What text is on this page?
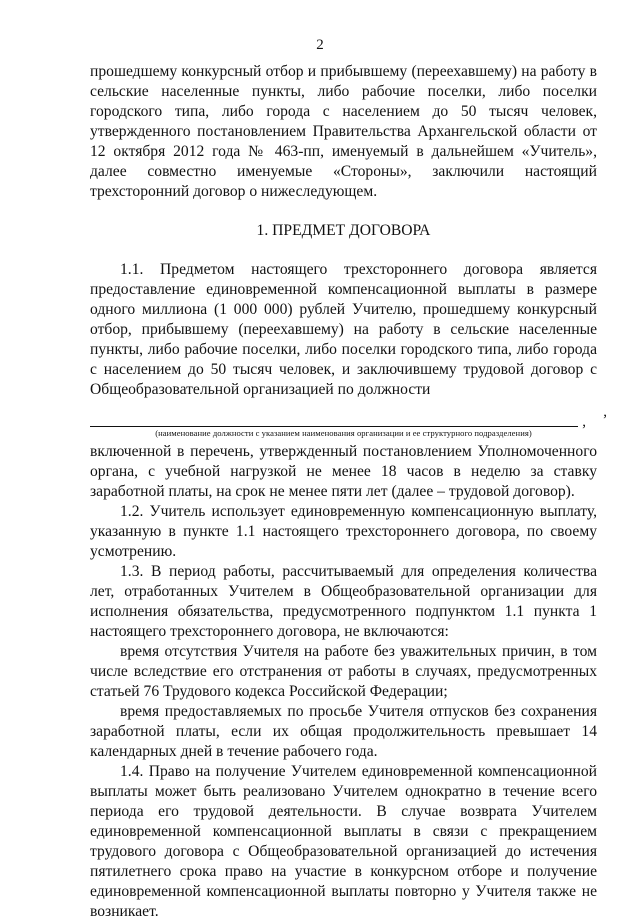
2

прошедшему конкурсный отбор и прибывшему (переехавшему) на работу в сельские населенные пункты, либо рабочие поселки, либо поселки городского типа, либо города с населением до 50 тысяч человек, утвержденного постановлением Правительства Архангельской области от 12 октября 2012 года № 463-пп, именуемый в дальнейшем «Учитель», далее совместно именуемые «Стороны», заключили настоящий трехсторонний договор о нижеследующем.

1. ПРЕДМЕТ ДОГОВОРА

1.1. Предметом настоящего трехстороннего договора является предоставление единовременной компенсационной выплаты в размере одного миллиона (1 000 000) рублей Учителю, прошедшему конкурсный отбор, прибывшему (переехавшему) на работу в сельские населенные пункты, либо рабочие поселки, либо поселки городского типа, либо города с населением до 50 тысяч человек, и заключившему трудовой договор с Общеобразовательной организацией по должности

,

(наименование должности с указанием наименования организации и ее структурного подразделения)

,

включенной в перечень, утвержденный постановлением Уполномоченного органа, с учебной нагрузкой не менее 18 часов в неделю за ставку заработной платы, на срок не менее пяти лет (далее – трудовой договор).

1.2. Учитель использует единовременную компенсационную выплату, указанную в пункте 1.1 настоящего трехстороннего договора, по своему усмотрению.

1.3. В период работы, рассчитываемый для определения количества лет, отработанных Учителем в Общеобразовательной организации для исполнения обязательства, предусмотренного подпунктом 1.1 пункта 1 настоящего трехстороннего договора, не включаются:

время отсутствия Учителя на работе без уважительных причин, в том числе вследствие его отстранения от работы в случаях, предусмотренных статьей 76 Трудового кодекса Российской Федерации;

время предоставляемых по просьбе Учителя отпусков без сохранения заработной платы, если их общая продолжительность превышает 14 календарных дней в течение рабочего года.

1.4. Право на получение Учителем единовременной компенсационной выплаты может быть реализовано Учителем однократно в течение всего периода его трудовой деятельности. В случае возврата Учителем единовременной компенсационной выплаты в связи с прекращением трудового договора с Общеобразовательной организацией до истечения пятилетнего срока право на участие в конкурсном отборе и получение единовременной компенсационной выплаты повторно у Учителя также не возникает.
